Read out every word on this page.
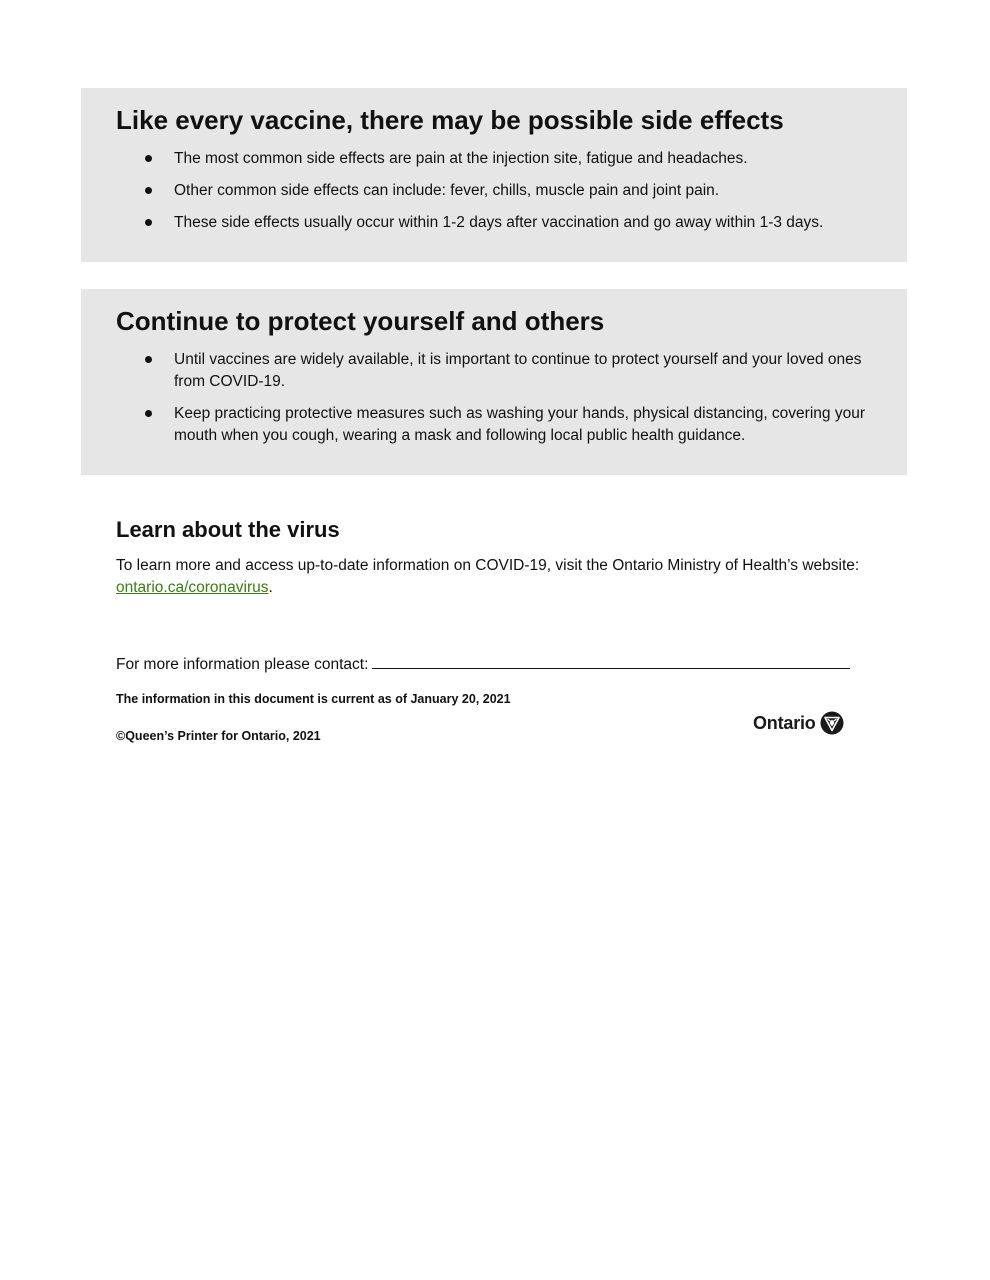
Like every vaccine, there may be possible side effects
The most common side effects are pain at the injection site, fatigue and headaches.
Other common side effects can include: fever, chills, muscle pain and joint pain.
These side effects usually occur within 1-2 days after vaccination and go away within 1-3 days.
Continue to protect yourself and others
Until vaccines are widely available, it is important to continue to protect yourself and your loved ones from COVID-19.
Keep practicing protective measures such as washing your hands, physical distancing, covering your mouth when you cough, wearing a mask and following local public health guidance.
Learn about the virus

To learn more and access up-to-date information on COVID-19, visit the Ontario Ministry of Health’s website: ontario.ca/coronavirus.

For more information please contact:
The information in this document is current as of January 20, 2021
©Queen’s Printer for Ontario, 2021
Ontario
